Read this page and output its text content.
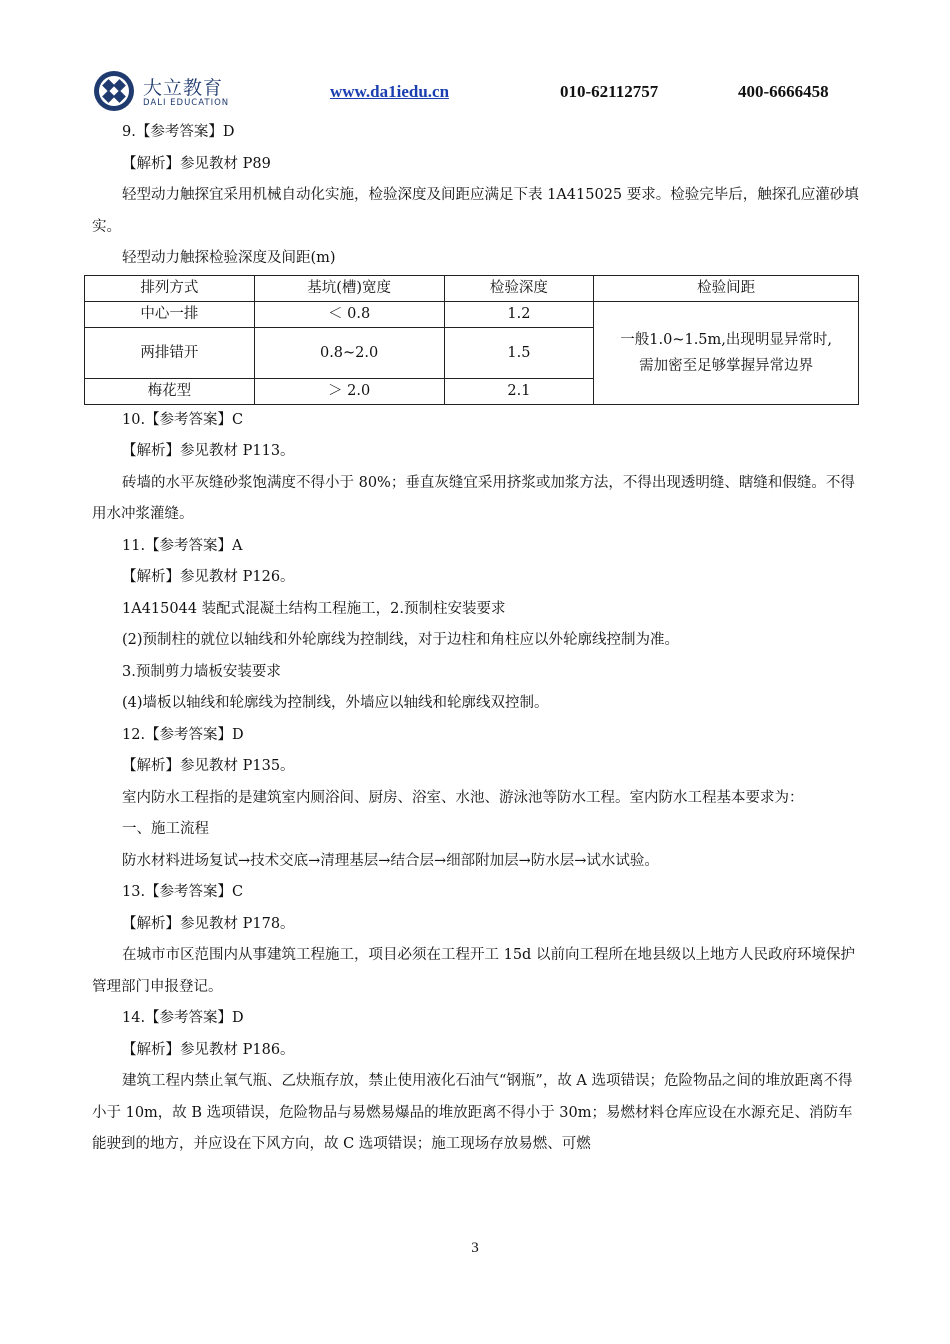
大立教育
DALI EDUCATION
www.da1iedu.cn	010-62112757	400-6666458

9.【参考答案】D

【解析】参见教材 P89

轻型动力触探宜采用机械自动化实施，检验深度及间距应满足下表 1A415025 要求。检验完毕后，触探孔应灌砂填实。

轻型动力触探检验深度及间距(m)

排列方式	基坑(槽)宽度	检验深度	检验间距
中心一排	＜ 0.8	1.2	一般1.0~1.5m,出现明显异常时,
需加密至足够掌握异常边界

两排错开	0.8~2.0	1.5	
梅花型	＞ 2.0	2.1	

10.【参考答案】C

【解析】参见教材 P113。

砖墙的水平灰缝砂浆饱满度不得小于 80%；垂直灰缝宜采用挤浆或加浆方法，不得出现透明缝、瞎缝和假缝。不得用水冲浆灌缝。

11.【参考答案】A

【解析】参见教材 P126。

1A415044 装配式混凝土结构工程施工，2.预制柱安装要求

(2)预制柱的就位以轴线和外轮廓线为控制线，对于边柱和角柱应以外轮廓线控制为准。

3.预制剪力墙板安装要求

(4)墙板以轴线和轮廓线为控制线，外墙应以轴线和轮廓线双控制。

12.【参考答案】D

【解析】参见教材 P135。

室内防水工程指的是建筑室内厕浴间、厨房、浴室、水池、游泳池等防水工程。室内防水工程基本要求为：

一、施工流程

防水材料进场复试→技术交底→清理基层→结合层→细部附加层→防水层→试水试验。

13.【参考答案】C

【解析】参见教材 P178。

在城市市区范围内从事建筑工程施工，项目必须在工程开工 15d 以前向工程所在地县级以上地方人民政府环境保护管理部门申报登记。

14.【参考答案】D

【解析】参见教材 P186。

建筑工程内禁止氧气瓶、乙炔瓶存放，禁止使用液化石油气“钢瓶”，故 A 选项错误；危险物品之间的堆放距离不得小于 10m，故 B 选项错误，危险物品与易燃易爆品的堆放距离不得小于 30m；易燃材料仓库应设在水源充足、消防车能驶到的地方，并应设在下风方向，故 C 选项错误；施工现场存放易燃、可燃

3
